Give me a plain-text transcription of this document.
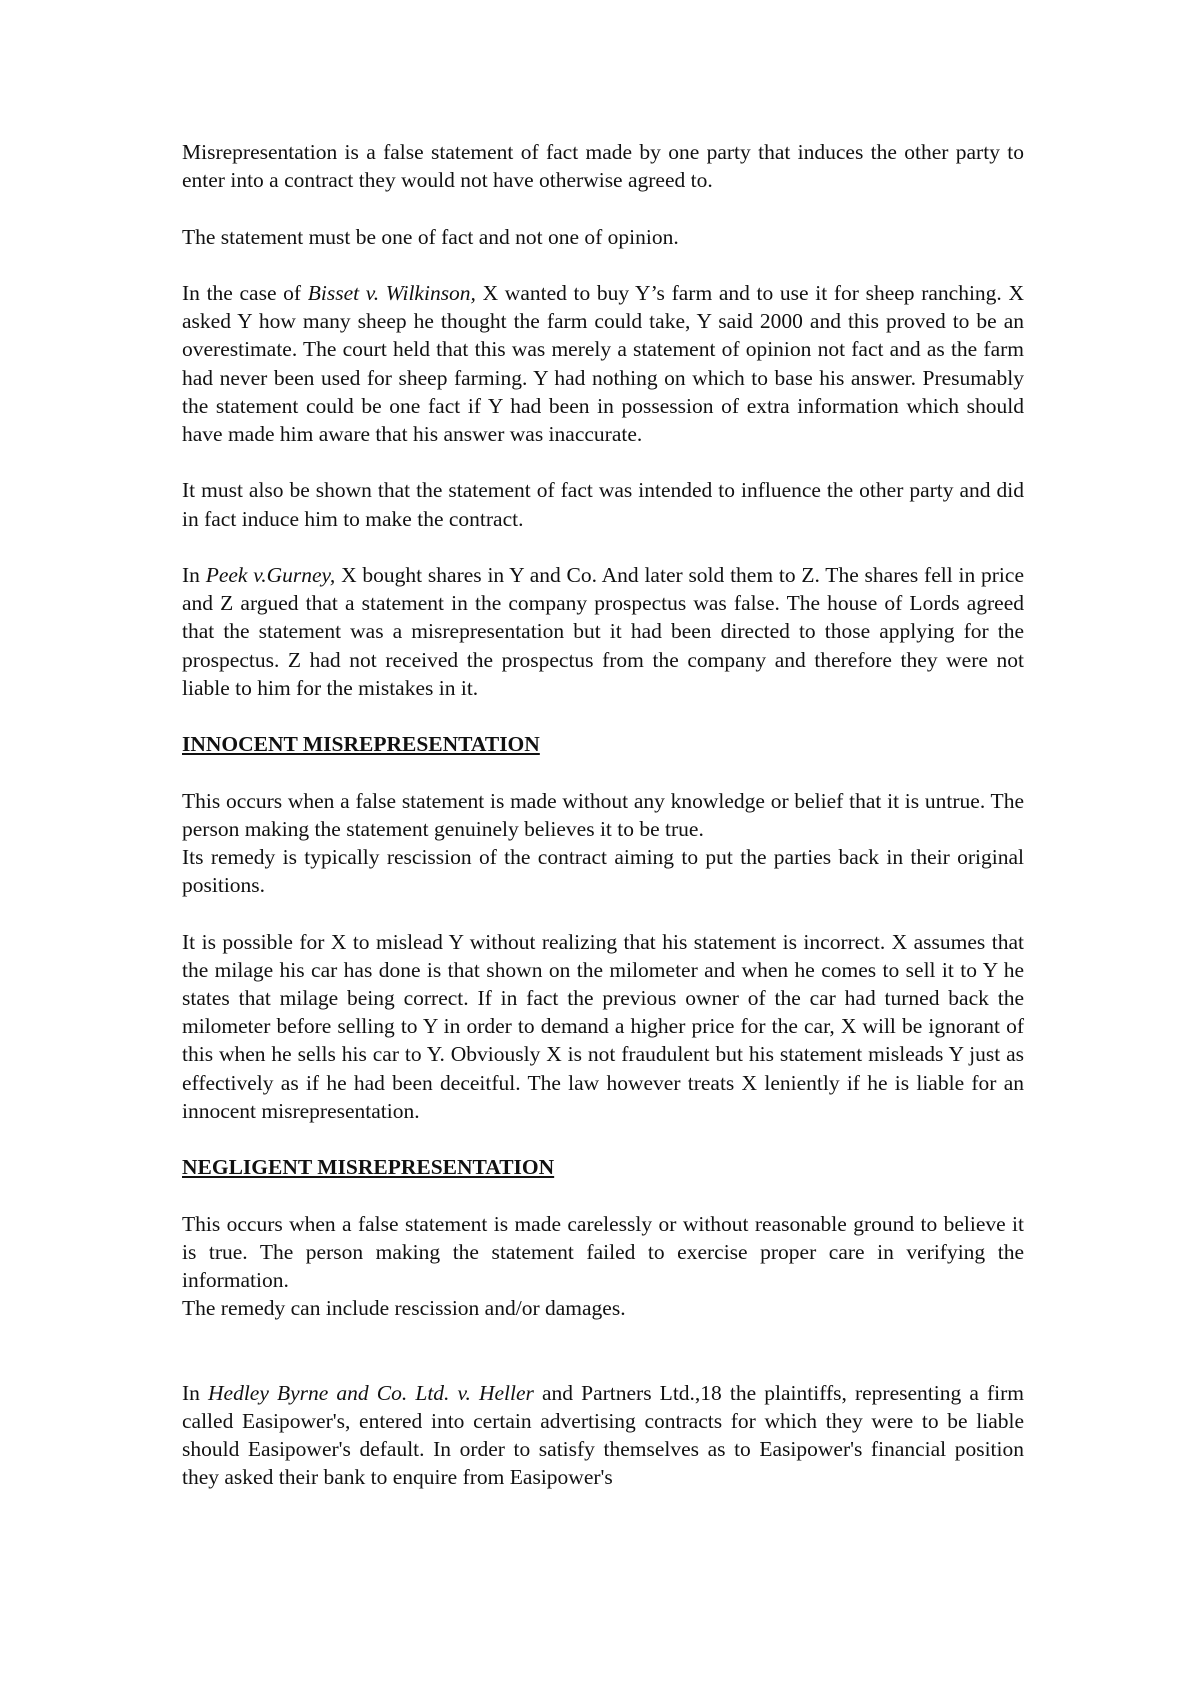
Misrepresentation is a false statement of fact made by one party that induces the other party to enter into a contract they would not have otherwise agreed to.

The statement must be one of fact and not one of opinion.

In the case of Bisset v. Wilkinson, X wanted to buy Y’s farm and to use it for sheep ranching. X asked Y how many sheep he thought the farm could take, Y said 2000 and this proved to be an overestimate. The court held that this was merely a statement of opinion not fact and as the farm had never been used for sheep farming. Y had nothing on which to base his answer. Presumably the statement could be one fact if Y had been in possession of extra information which should have made him aware that his answer was inaccurate.

It must also be shown that the statement of fact was intended to influence the other party and did in fact induce him to make the contract.

In Peek v.Gurney, X bought shares in Y and Co. And later sold them to Z. The shares fell in price and Z argued that a statement in the company prospectus was false. The house of Lords agreed that the statement was a misrepresentation but it had been directed to those applying for the prospectus. Z had not received the prospectus from the company and therefore they were not liable to him for the mistakes in it.

INNOCENT MISREPRESENTATION

This occurs when a false statement is made without any knowledge or belief that it is untrue. The person making the statement genuinely believes it to be true.

Its remedy is typically rescission of the contract aiming to put the parties back in their original positions.

It is possible for X to mislead Y without realizing that his statement is incorrect. X assumes that the milage his car has done is that shown on the milometer and when he comes to sell it to Y he states that milage being correct. If in fact the previous owner of the car had turned back the milometer before selling to Y in order to demand a higher price for the car, X will be ignorant of this when he sells his car to Y. Obviously X is not fraudulent but his statement misleads Y just as effectively as if he had been deceitful. The law however treats X leniently if he is liable for an innocent misrepresentation.

NEGLIGENT MISREPRESENTATION

This occurs when a false statement is made carelessly or without reasonable ground to believe it is true. The person making the statement failed to exercise proper care in verifying the information.

The remedy can include rescission and/or damages.

In Hedley Byrne and Co. Ltd. v. Heller and Partners Ltd.,18 the plaintiffs, representing a firm called Easipower's, entered into certain advertising contracts for which they were to be liable should Easipower's default. In order to satisfy themselves as to Easipower's financial position they asked their bank to enquire from Easipower's
